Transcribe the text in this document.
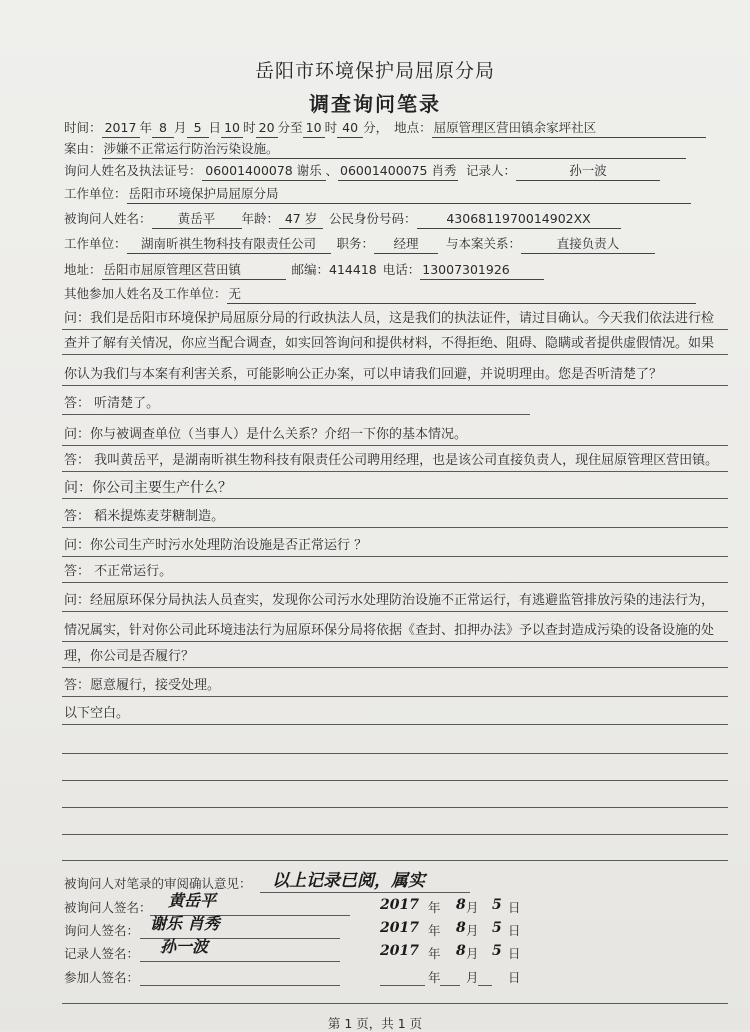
岳阳市环境保护局屈原分局
调查询问笔录
时间： 2017 年 8 月 5 日 10 时 20 分至 10 时 40 分， 地点： 屈原管理区营田镇余家坪社区
案由： 涉嫌不正常运行防治污染设施。
询问人姓名及执法证号： 06001400078 谢乐 、 06001400075 肖秀 记录人：	孙一波
工作单位： 岳阳市环境保护局屈原分局
被询问人姓名： 黄岳平 年龄： 47 岁 公民身份号码： 4306811970014902XX
工作单位： 湖南昕祺生物科技有限责任公司 职务： 经理 与本案关系：	直接负责人
地址： 岳阳市屈原管理区营田镇	邮编：414418 电话： 13007301926
其他参加人姓名及工作单位： 无
问：我们是岳阳市环境保护局屈原分局的行政执法人员，这是我们的执法证件，请过目确认。今天我们依法进行检
查并了解有关情况，你应当配合调查，如实回答询问和提供材料，不得拒绝、阻碍、隐瞒或者提供虚假情况。如果
你认为我们与本案有利害关系，可能影响公正办案，可以申请我们回避，并说明理由。您是否听清楚了？
答： 听清楚了。
问：你与被调查单位（当事人）是什么关系？介绍一下你的基本情况。
答： 我叫黄岳平，是湖南昕祺生物科技有限责任公司聘用经理，也是该公司直接负责人，现住屈原管理区营田镇。
问：你公司主要生产什么？
答： 稻米提炼麦芽糖制造。
问：你公司生产时污水处理防治设施是否正常运行 ？
答： 不正常运行。
问：经屈原环保分局执法人员查实，发现你公司污水处理防治设施不正常运行，有逃避监管排放污染的违法行为，
情况属实，针对你公司此环境违法行为屈原环保分局将依据《查封、扣押办法》予以查封造成污染的设备设施的处
理，你公司是否履行？
答：愿意履行，接受处理。
以下空白。
被询问人对笔录的审阅确认意见： 以上记录已阅，属实
被询问人签名： 黄岳平	2017 年 8 月 5 日
询问人签名： 谢乐 肖秀	2017 年 8 月 5 日
记录人签名： 孙一波	2017 年 8 月 5 日
参加人签名：	年 月 日
第 1 页，共 1 页
